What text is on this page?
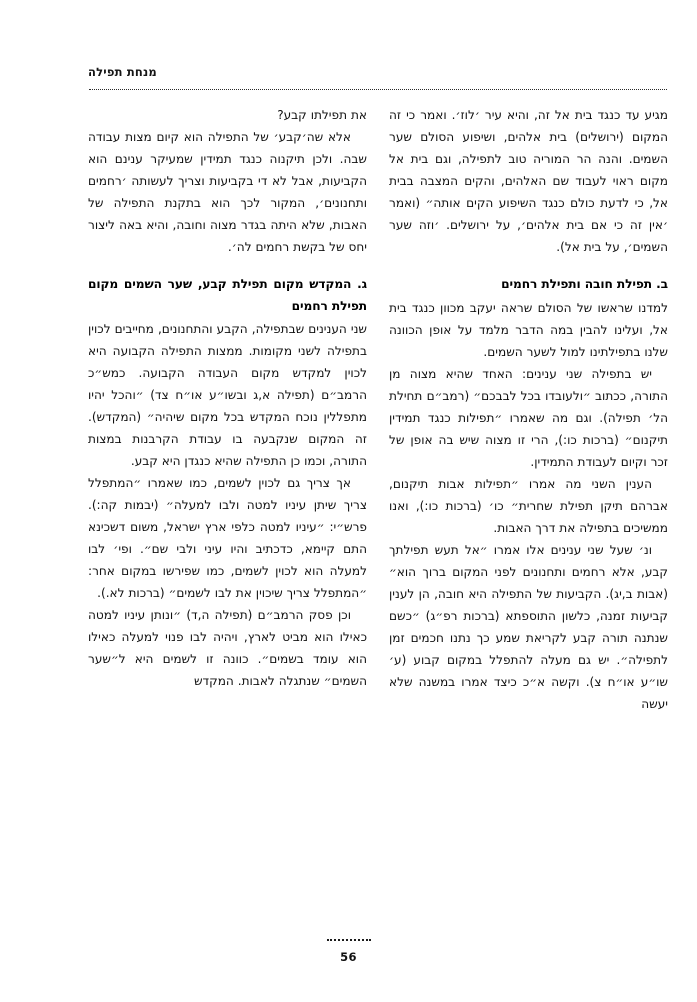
מנחת תפילה

מגיע עד כנגד בית אל זה, והיא עיר ׳לוז׳. ואמר כי זה המקום (ירושלים) בית אלהים, ושיפוע הסולם שער השמים. והנה הר המוריה טוב לתפילה, וגם בית אל מקום ראוי לעבוד שם האלהים, והקים המצבה בבית אל, כי לדעת כולם כנגד השיפוע הקים אותה״ (ואמר ׳אין זה כי אם בית אלהים׳, על ירושלים. ׳וזה שער השמים׳, על בית אל).

ב. תפילת חובה ותפילת רחמים

למדנו שראשו של הסולם שראה יעקב מכוון כנגד בית אל, ועלינו להבין במה הדבר מלמד על אופן הכוונה שלנו בתפילתינו למול לשער השמים.

יש בתפילה שני ענינים: האחד שהיא מצוה מן התורה, ככתוב ״ולעובדו בכל לבבכם״ (רמב״ם תחילת הל׳ תפילה). וגם מה שאמרו ״תפילות כנגד תמידין תיקנום״ (ברכות כו:), הרי זו מצוה שיש בה אופן של זכר וקיום לעבודת התמידין.

הענין השני מה אמרו ״תפילות אבות תיקנום, אברהם תיקן תפילת שחרית״ כו׳ (ברכות כו:), ואנו ממשיכים בתפילה את דרך האבות.

ונ׳ שעל שני ענינים אלו אמרו ״אל תעש תפילתך קבע, אלא רחמים ותחנונים לפני המקום ברוך הוא״ (אבות ב,יג). הקביעות של התפילה היא חובה, הן לענין קביעות זמנה, כלשון התוספתא (ברכות רפ״ג) ״כשם שנתנה תורה קבע לקריאת שמע כך נתנו חכמים זמן לתפילה״. יש גם מעלה להתפלל במקום קבוע (ע׳ שו״ע או״ח צ). וקשה א״כ כיצד אמרו במשנה שלא יעשה

את תפילתו קבע?

אלא שה׳קבע׳ של התפילה הוא קיום מצות עבודה שבה. ולכן תיקנוה כנגד תמידין שמעיקר ענינם הוא הקביעות, אבל לא די בקביעות וצריך לעשותה ׳רחמים ותחנונים׳, המקור לכך הוא בתקנת התפילה של האבות, שלא היתה בגדר מצוה וחובה, והיא באה ליצור יחס של בקשת רחמים לה׳.

ג. המקדש מקום תפילת קבע, שער השמים מקום תפילת רחמים

שני הענינים שבתפילה, הקבע והתחנונים, מחייבים לכוין בתפילה לשני מקומות. ממצות התפילה הקבועה היא לכוין למקדש מקום העבודה הקבועה. כמש״כ הרמב״ם (תפילה א,ג ובשו״ע או״ח צד) ״והכל יהיו מתפללין נוכח המקדש בכל מקום שיהיה״ (המקדש). זה המקום שנקבעה בו עבודת הקרבנות במצות התורה, וכמו כן התפילה שהיא כנגדן היא קבע.

אך צריך גם לכוין לשמים, כמו שאמרו ״המתפלל צריך שיתן עיניו למטה ולבו למעלה״ (יבמות קה:). פרש״י: ״עיניו למטה כלפי ארץ ישראל, משום דשכינא התם קיימא, כדכתיב והיו עיני ולבי שם״. ופי׳ לבו למעלה הוא לכוין לשמים, כמו שפירשו במקום אחר: ״המתפלל צריך שיכוין את לבו לשמים״ (ברכות לא.).

וכן פסק הרמב״ם (תפילה ה,ד) ״ונותן עיניו למטה כאילו הוא מביט לארץ, ויהיה לבו פנוי למעלה כאילו הוא עומד בשמים״. כוונה זו לשמים היא ל״שער השמים״ שנתגלה לאבות. המקדש

56
